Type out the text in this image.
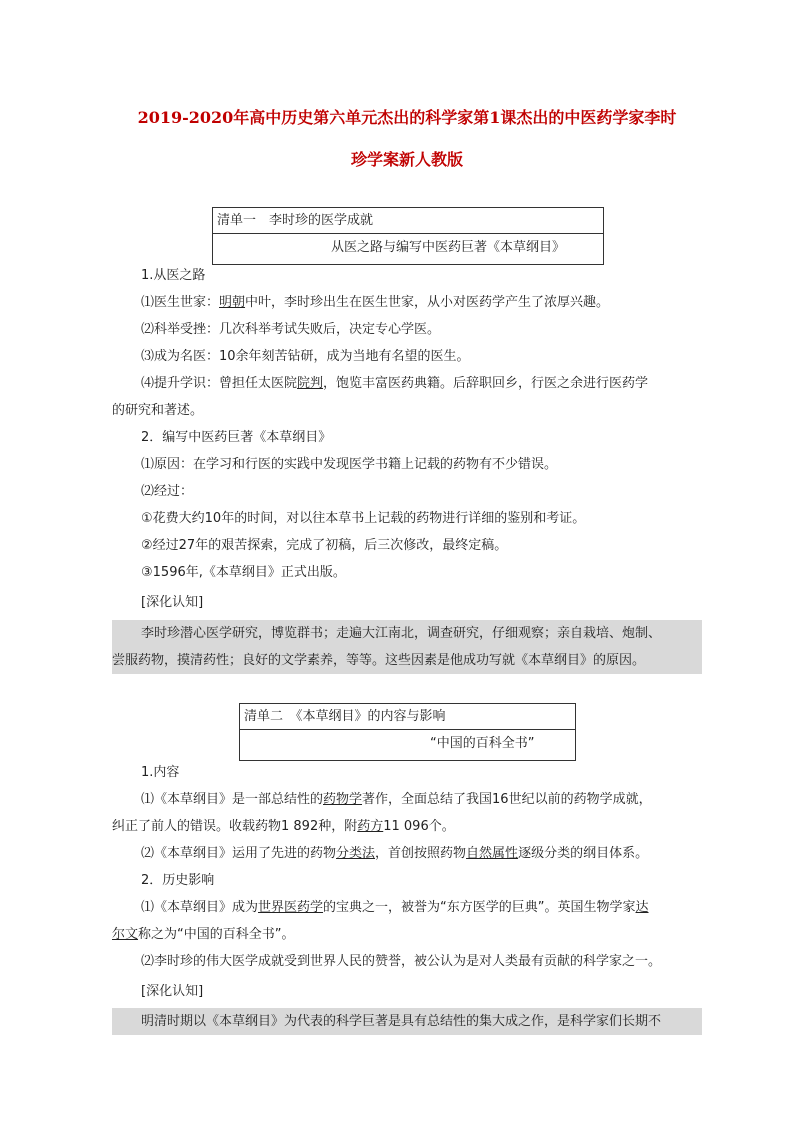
2019-2020年高中历史第六单元杰出的科学家第1课杰出的中医药学家李时
珍学案新人教版
清单一　李时珍的医学成就
从医之路与编写中医药巨著《本草纲目》
1.从医之路
⑴医生世家：明朝中叶，李时珍出生在医生世家，从小对医药学产生了浓厚兴趣。
⑵科举受挫：几次科举考试失败后，决定专心学医。
⑶成为名医：10余年刻苦钻研，成为当地有名望的医生。
⑷提升学识：曾担任太医院院判，饱览丰富医药典籍。后辞职回乡，行医之余进行医药学
的研究和著述。
2．编写中医药巨著《本草纲目》
⑴原因：在学习和行医的实践中发现医学书籍上记载的药物有不少错误。
⑵经过：
①花费大约10年的时间，对以往本草书上记载的药物进行详细的鉴别和考证。
②经过27年的艰苦探索，完成了初稿，后三次修改，最终定稿。
③1596年,《本草纲目》正式出版。
[深化认知]
李时珍潜心医学研究，博览群书；走遍大江南北，调查研究，仔细观察；亲自栽培、炮制、
尝服药物，摸清药性；良好的文学素养，等等。这些因素是他成功写就《本草纲目》的原因。
清单二　《本草纲目》的内容与影响
“中国的百科全书”
1.内容
⑴《本草纲目》是一部总结性的药物学著作，全面总结了我国16世纪以前的药物学成就，
纠正了前人的错误。收载药物1 892种，附药方11 096个。
⑵《本草纲目》运用了先进的药物分类法，首创按照药物自然属性逐级分类的纲目体系。
2．历史影响
⑴《本草纲目》成为世界医药学的宝典之一，被誉为“东方医学的巨典”。英国生物学家达
尔文称之为“中国的百科全书”。
⑵李时珍的伟大医学成就受到世界人民的赞誉，被公认为是对人类最有贡献的科学家之一。
[深化认知]
明清时期以《本草纲目》为代表的科学巨著是具有总结性的集大成之作，是科学家们长期不
